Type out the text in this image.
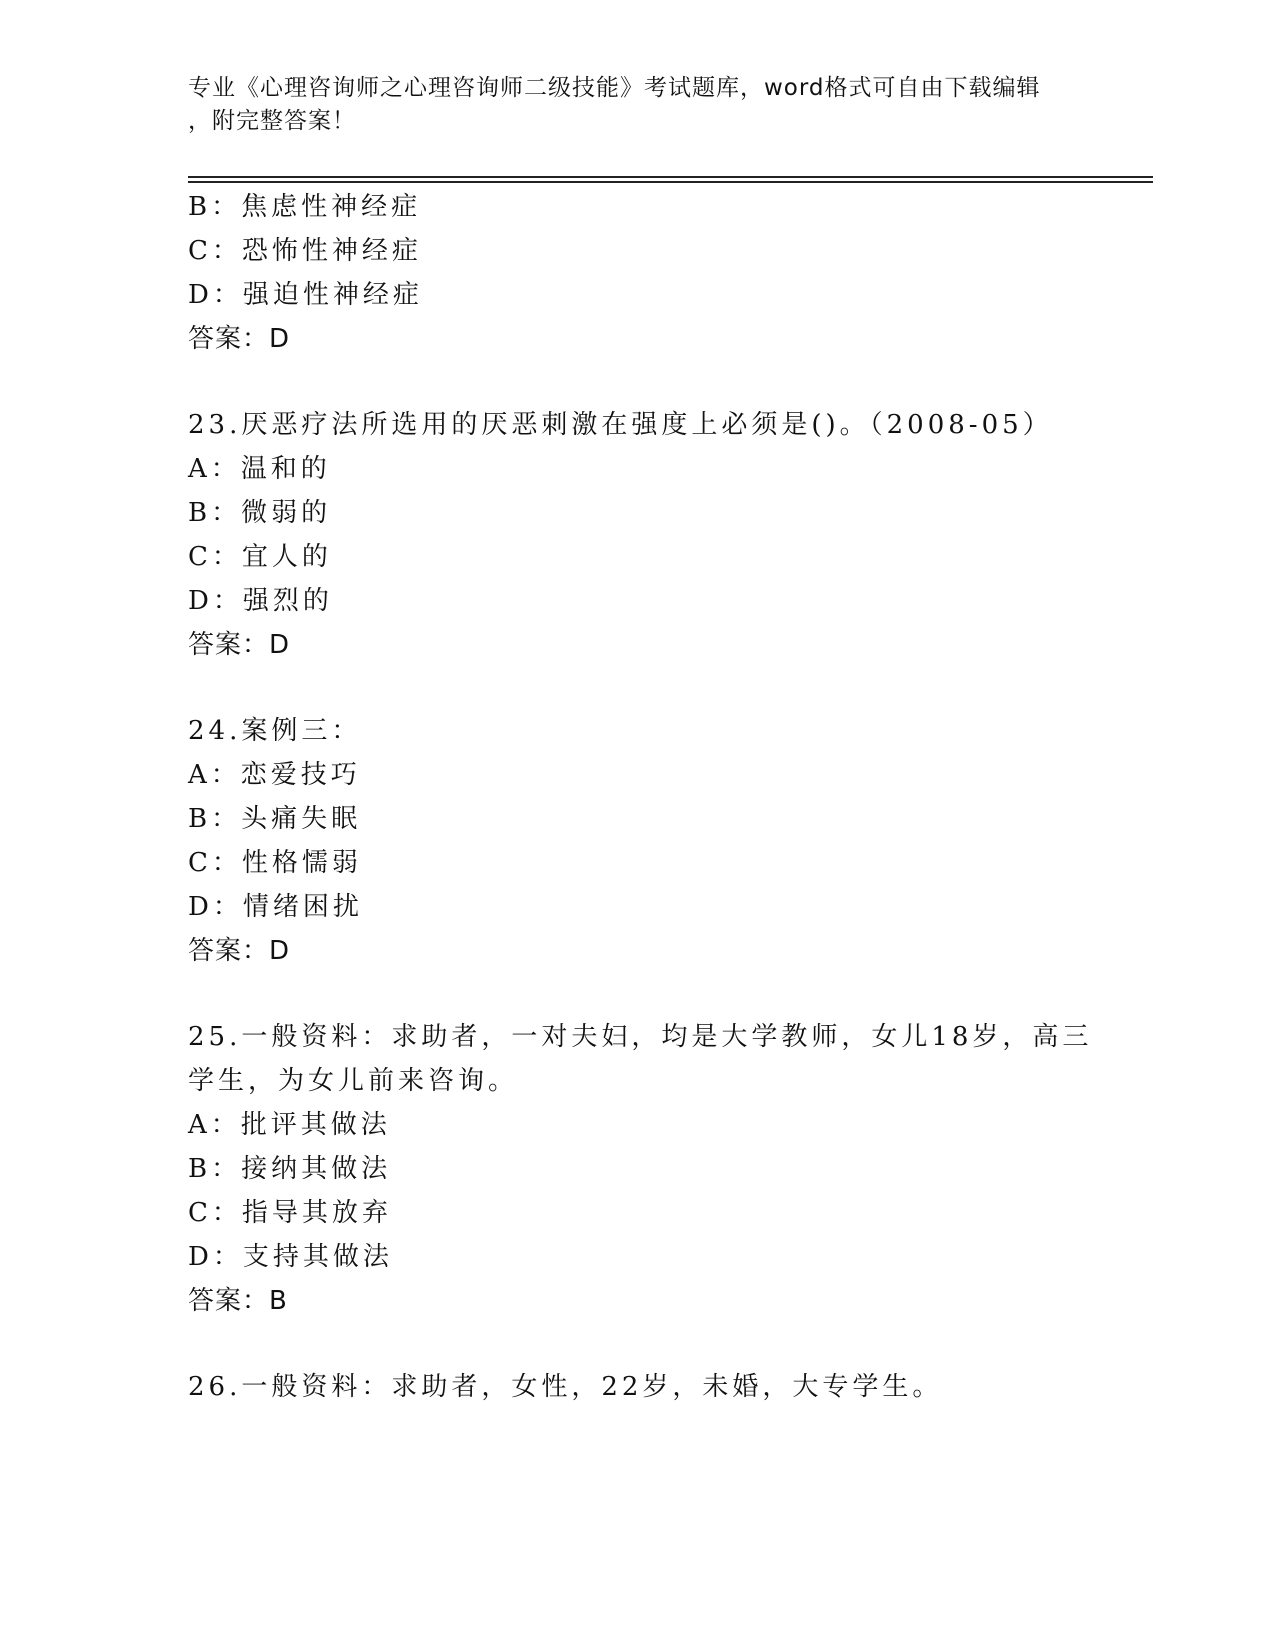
专业《心理咨询师之心理咨询师二级技能》考试题库，word格式可自由下载编辑
，附完整答案！
B：焦虑性神经症
C：恐怖性神经症
D：强迫性神经症
答案：D
23.厌恶疗法所选用的厌恶刺激在强度上必须是()。（2008-05）
A：温和的
B：微弱的
C：宜人的
D：强烈的
答案：D
24.案例三：
A：恋爱技巧
B：头痛失眠
C：性格懦弱
D：情绪困扰
答案：D
25.一般资料：求助者，一对夫妇，均是大学教师，女儿18岁，高三
学生，为女儿前来咨询。
A：批评其做法
B：接纳其做法
C：指导其放弃
D：支持其做法
答案：B
26.一般资料：求助者，女性，22岁，未婚，大专学生。
